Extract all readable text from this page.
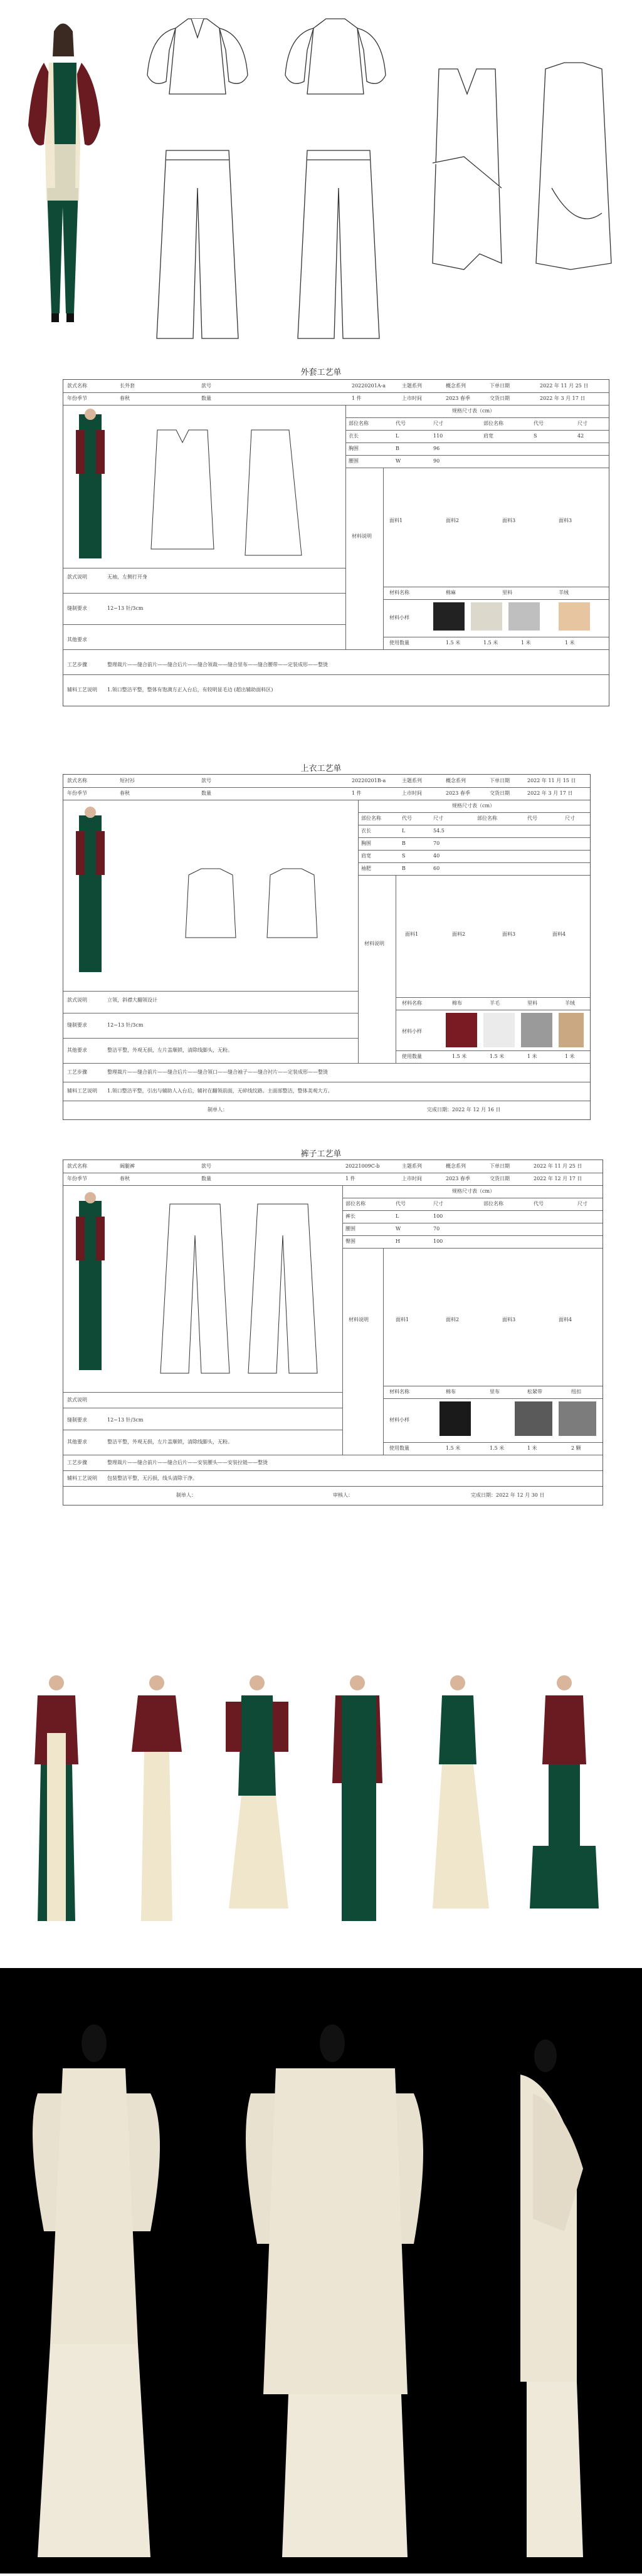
外套工艺单
款式名称	长外套	款号	20220201A-a	主题系列	概念系列	下单日期	2022 年 11 月 25 日
年份季节	春秋	数量	1 件	上市时间	2023 春季	交货日期	2022 年 3 月 17 日
规格尺寸表（cm）
部位名称	代号	尺寸	部位名称	代号	尺寸
衣长	L	110	肩宽	S	42
胸围	B	96
腰围	W	90
材料说明
面料1	面料2	面料3	面料3
材料名称	棉麻	里料	羊绒
材料小样
使用数量	1.5 米	1.5 米	1 米	1 米
款式说明	无袖，左侧打开身
缝制要求	12~13 针/3cm
其他要求
工艺步骤	整理裁片——缝合前片——缝合后片——缝合领裁——缝合里布——缝合腰带——定装成形——整烫
辅料工艺说明 1.领口整洁平整，整体有饱满方正入台后，有较明显毛边 (超出辅助面料区)
上衣工艺单
款式名称	短衬衫	款号	20220201B-a	主题系列	概念系列	下单日期	2022 年 11 月 15 日
年份季节	春秋	数量	1 件	上市时间	2023 春季	交货日期	2022 年 3 月 17 日
规格尺寸表（cm）
部位名称	代号	尺寸	部位名称	代号	尺寸
衣长	L	54.5
胸围	B	70
肩宽	S	40
袖肥	B	60
材料说明
面料1	面料2	面料3	面料4
材料名称	棉布	羊毛	里料	羊绒
材料小样
使用数量	1.5 米	1.5 米	1 米	1 米
款式说明	立领，斜襟大翻领设计
缝制要求	12~13 针/3cm
其他要求	整洁平整，外观无损，左片盖顺锁，清除线脚头，无粉。
工艺步骤	整理裁片——缝合前片——缝合后片——缝合领口——缝合袖子——缝合衬片——定装成形——整烫
辅料工艺说明 1.领口整洁平整，引出与辅助人入台后，辅衬在翻领前面，无碎线纹路。主面部整洁，整体美观大方。
制单人：	完成日期：2022 年 12 月 16 日
裤子工艺单
款式名称	阔腿裤	款号	20221009C-b	主题系列	概念系列	下单日期	2022 年 11 月 25 日
年份季节	春秋	数量	1 件	上市时间	2023 春季	交货日期	2022 年 12 月 17 日
规格尺寸表（cm）
部位名称	代号	尺寸	部位名称	代号	尺寸
裤长	L	100
腰围	W	70
臀围	H	100
材料说明	面料1	面料2	面料3	面料4
材料名称	棉布	里布	松紧带	纽扣
材料小样
使用数量	1.5 米	1.5 米	1 米	2 颗
款式说明
缝制要求	12~13 针/3cm
其他要求	整洁平整，外观无损，左片盖顺锁，清除线脚头，无粉。
工艺步骤	整理裁片——缝合前片——缝合后片——安装腰头——安装拉链——整烫
辅料工艺说明 包装整洁平整，无污损，线头清除干净。
制单人：	审核人：	完成日期：2022 年 12 月 30 日
